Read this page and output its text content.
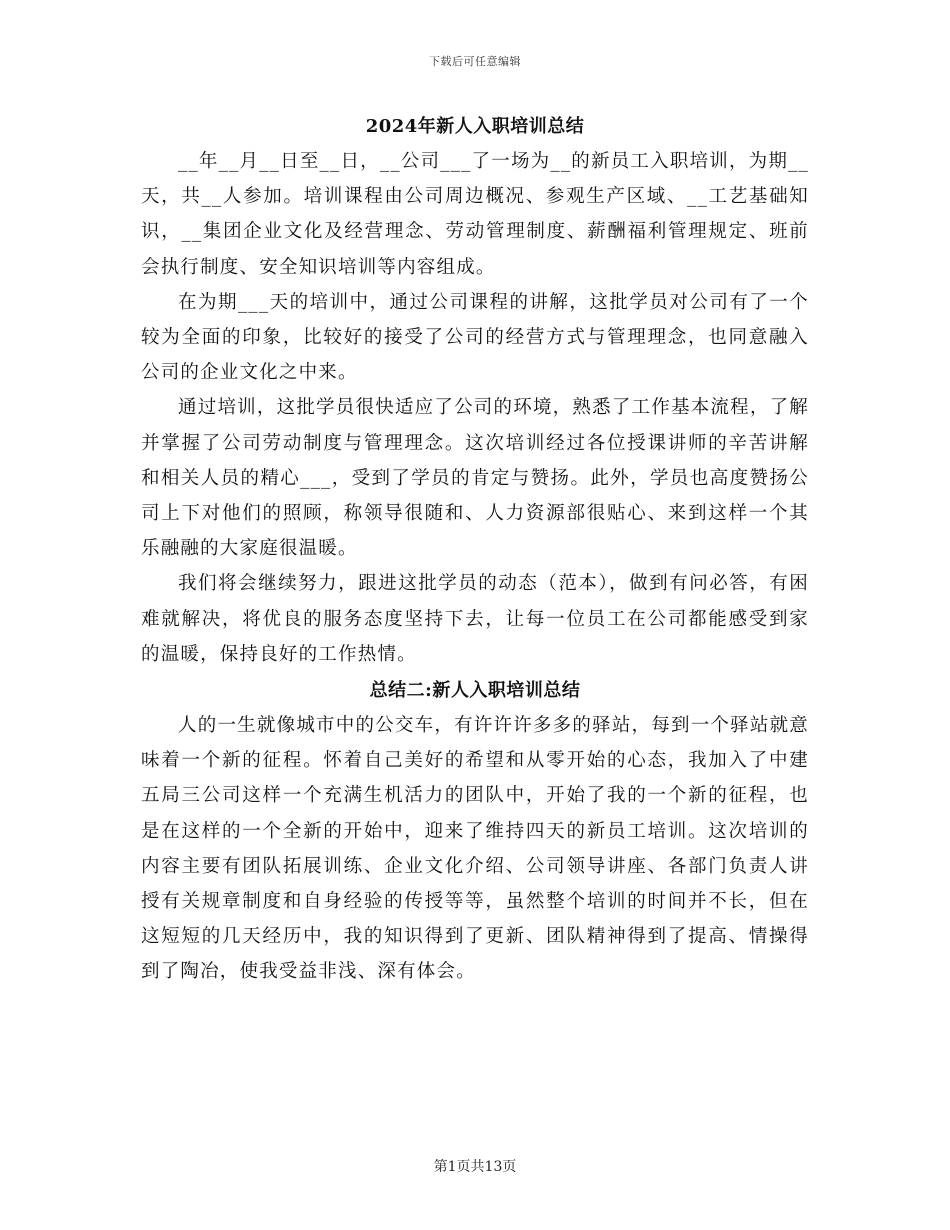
下载后可任意编辑
2024年新人入职培训总结

__年__月__日至__日，__公司___了一场为__的新员工入职培训，为期__天，共__人参加。培训课程由公司周边概况、参观生产区域、__工艺基础知识，__集团企业文化及经营理念、劳动管理制度、薪酬福利管理规定、班前会执行制度、安全知识培训等内容组成。

在为期___天的培训中，通过公司课程的讲解，这批学员对公司有了一个较为全面的印象，比较好的接受了公司的经营方式与管理理念，也同意融入公司的企业文化之中来。

通过培训，这批学员很快适应了公司的环境，熟悉了工作基本流程，了解并掌握了公司劳动制度与管理理念。这次培训经过各位授课讲师的辛苦讲解和相关人员的精心___，受到了学员的肯定与赞扬。此外，学员也高度赞扬公司上下对他们的照顾，称领导很随和、人力资源部很贴心、来到这样一个其乐融融的大家庭很温暖。

我们将会继续努力，跟进这批学员的动态（范本），做到有问必答，有困难就解决，将优良的服务态度坚持下去，让每一位员工在公司都能感受到家的温暖，保持良好的工作热情。

总结二:新人入职培训总结

人的一生就像城市中的公交车，有许许许多多的驿站，每到一个驿站就意味着一个新的征程。怀着自己美好的希望和从零开始的心态，我加入了中建五局三公司这样一个充满生机活力的团队中，开始了我的一个新的征程，也是在这样的一个全新的开始中，迎来了维持四天的新员工培训。这次培训的内容主要有团队拓展训练、企业文化介绍、公司领导讲座、各部门负责人讲授有关规章制度和自身经验的传授等等，虽然整个培训的时间并不长，但在这短短的几天经历中，我的知识得到了更新、团队精神得到了提高、情操得到了陶冶，使我受益非浅、深有体会。

第1页共13页
